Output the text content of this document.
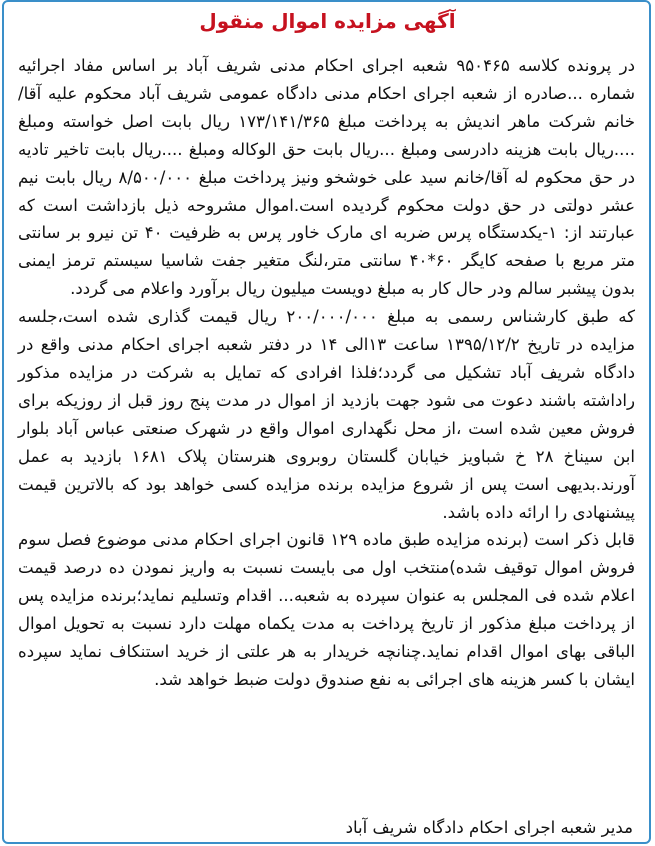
آگهی مزایده اموال منقول

در پرونده کلاسه ۹۵۰۴۶۵ شعبه اجرای احکام مدنی شریف آباد بر اساس مفاد اجرائیه شماره ...صادره از شعبه اجرای احکام مدنی دادگاه عمومی شریف آباد محکوم علیه آقا/خانم شرکت ماهر اندیش به پرداخت مبلغ ۱۷۳/۱۴۱/۳۶۵ ریال بابت اصل خواسته ومبلغ ....ریال بابت هزینه دادرسی ومبلغ ...ریال بابت حق الوکاله ومبلغ ....ریال بابت تاخیر تادیه در حق محکوم له آقا/خانم سید علی خوشخو ونیز پرداخت مبلغ ۸/۵۰۰/۰۰۰ ریال بابت نیم عشر دولتی در حق دولت محکوم گردیده است.اموال مشروحه ذیل بازداشت است که عبارتند از: ۱-یکدستگاه پرس ضربه ای مارک خاور پرس به ظرفیت ۴۰ تن نیرو بر سانتی متر مربع با صفحه کایگر ۶۰*۴۰ سانتی متر،لنگ متغیر جفت شاسیا سیستم ترمز ایمنی بدون پیشبر سالم ودر حال کار به مبلغ دویست میلیون ریال برآورد واعلام می گردد.

که طبق کارشناس رسمی به مبلغ ۲۰۰/۰۰۰/۰۰۰ ریال قیمت گذاری شده است،جلسه مزایده در تاریخ ۱۳۹۵/۱۲/۲ ساعت ۱۳الی ۱۴ در دفتر شعبه اجرای احکام مدنی واقع در دادگاه شریف آباد تشکیل می گردد؛فلذا افرادی که تمایل به شرکت در مزایده مذکور راداشته باشند دعوت می شود جهت بازدید از اموال در مدت پنج روز قبل از روزیکه برای فروش معین شده است ،از محل نگهداری اموال واقع در شهرک صنعتی عباس آباد بلوار ابن سیناخ ۲۸ خ شباویز خیابان گلستان روبروی هنرستان پلاک ۱۶۸۱ بازدید به عمل آورند.بدیهی است پس از شروع مزایده برنده مزایده کسی خواهد بود که بالاترین قیمت پیشنهادی را ارائه داده باشد.

قابل ذکر است (برنده مزایده طبق ماده ۱۲۹ قانون اجرای احکام مدنی موضوع فصل سوم فروش اموال توقیف شده)منتخب اول می بایست نسبت به واریز نمودن ده درصد قیمت اعلام شده فی المجلس به عنوان سپرده به شعبه... اقدام وتسلیم نماید؛برنده مزایده پس از پرداخت مبلغ مذکور از تاریخ پرداخت به مدت یکماه مهلت دارد نسبت به تحویل اموال الباقی بهای اموال اقدام نماید.چنانچه خریدار به هر علتی از خرید استنکاف نماید سپرده ایشان با کسر هزینه های اجرائی به نفع صندوق دولت ضبط خواهد شد.

مدیر شعبه اجرای احکام دادگاه شریف آباد
